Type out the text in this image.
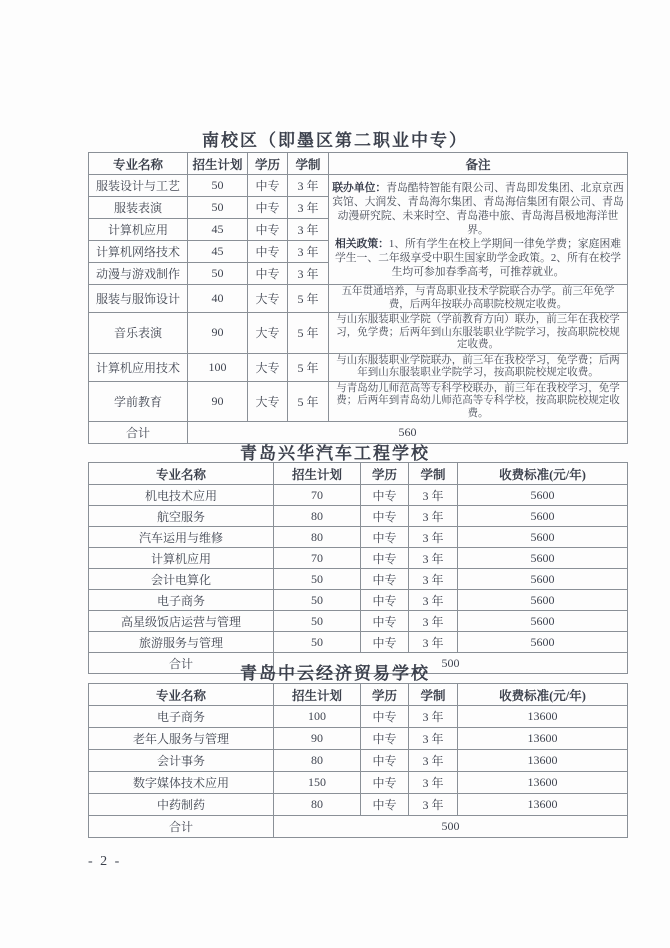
南校区（即墨区第二职业中专）
专业名称	招生计划	学历	学制	备注
服装设计与工艺	50	中专	3 年	联办单位：青岛酷特智能有限公司、青岛即发集团、北京京西宾馆、大润发、青岛海尔集团、青岛海信集团有限公司、青岛动漫研究院、未来时空、青岛港中旅、青岛海昌极地海洋世界。

相关政策：1、所有学生在校上学期间一律免学费；家庭困难学生一、二年级享受中职生国家助学金政策。2、所有在校学生均可参加春季高考，可推荐就业。

服装表演	50	中专	3 年	
计算机应用	45	中专	3 年	
计算机网络技术	45	中专	3 年	
动漫与游戏制作	50	中专	3 年	
服装与服饰设计	40	大专	5 年	五年贯通培养，与青岛职业技术学院联合办学。前三年免学费，后两年按联办高职院校规定收费。
音乐表演	90	大专	5 年	与山东服装职业学院（学前教育方向）联办，前三年在我校学习，免学费；后两年到山东服装职业学院学习，按高职院校规定收费。
计算机应用技术	100	大专	5 年	与山东服装职业学院联办，前三年在我校学习，免学费；后两年到山东服装职业学院学习，按高职院校规定收费。
学前教育	90	大专	5 年	与青岛幼儿师范高等专科学校联办，前三年在我校学习，免学费；后两年到青岛幼儿师范高等专科学校，按高职院校规定收费。
合计	560			
青岛兴华汽车工程学校
专业名称	招生计划	学历	学制	收费标准(元/年)
机电技术应用	70	中专	3 年	5600
航空服务	80	中专	3 年	5600
汽车运用与维修	80	中专	3 年	5600
计算机应用	70	中专	3 年	5600
会计电算化	50	中专	3 年	5600
电子商务	50	中专	3 年	5600
高星级饭店运营与管理	50	中专	3 年	5600
旅游服务与管理	50	中专	3 年	5600
合计	500			
青岛中云经济贸易学校
专业名称	招生计划	学历	学制	收费标准(元/年)
电子商务	100	中专	3 年	13600
老年人服务与管理	90	中专	3 年	13600
会计事务	80	中专	3 年	13600
数字媒体技术应用	150	中专	3 年	13600
中药制药	80	中专	3 年	13600
合计	500			
- 2 -
